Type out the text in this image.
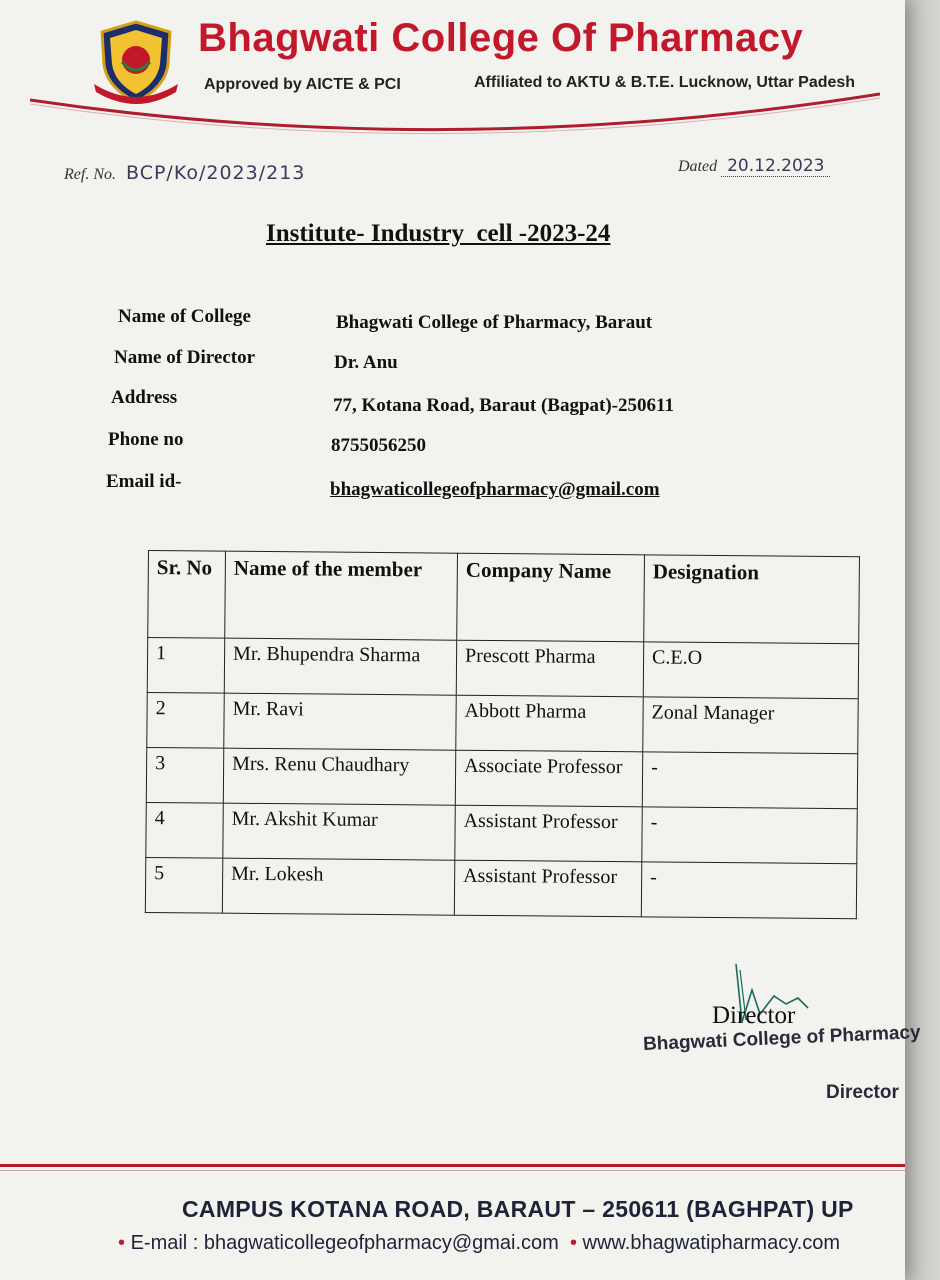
Bhagwati College Of Pharmacy
Approved by AICTE & PCI	Affiliated to AKTU & B.T.E. Lucknow, Uttar Padesh
Ref. No. BCP/Ko/2023/213	Dated 20.12.2023
Institute- Industry  cell -2023-24
Name of College	Bhagwati College of Pharmacy, Baraut
Name of Director	Dr. Anu
Address	77, Kotana Road, Baraut (Bagpat)-250611
Phone no	8755056250
Email id-	bhagwaticollegeofpharmacy@gmail.com
Sr. No	Name of the member	Company Name	Designation
1	Mr. Bhupendra Sharma	Prescott Pharma	C.E.O
2	Mr. Ravi	Abbott Pharma	Zonal Manager
3	Mrs. Renu Chaudhary	Associate Professor	-
4	Mr. Akshit Kumar	Assistant Professor	-
5	Mr. Lokesh	Assistant Professor	-
Director
Bhagwati College of Pharmacy
Director
CAMPUS KOTANA ROAD, BARAUT – 250611 (BAGHPAT) UP
• E-mail : bhagwaticollegeofpharmacy@gmai.com • www.bhagwatipharmacy.com
